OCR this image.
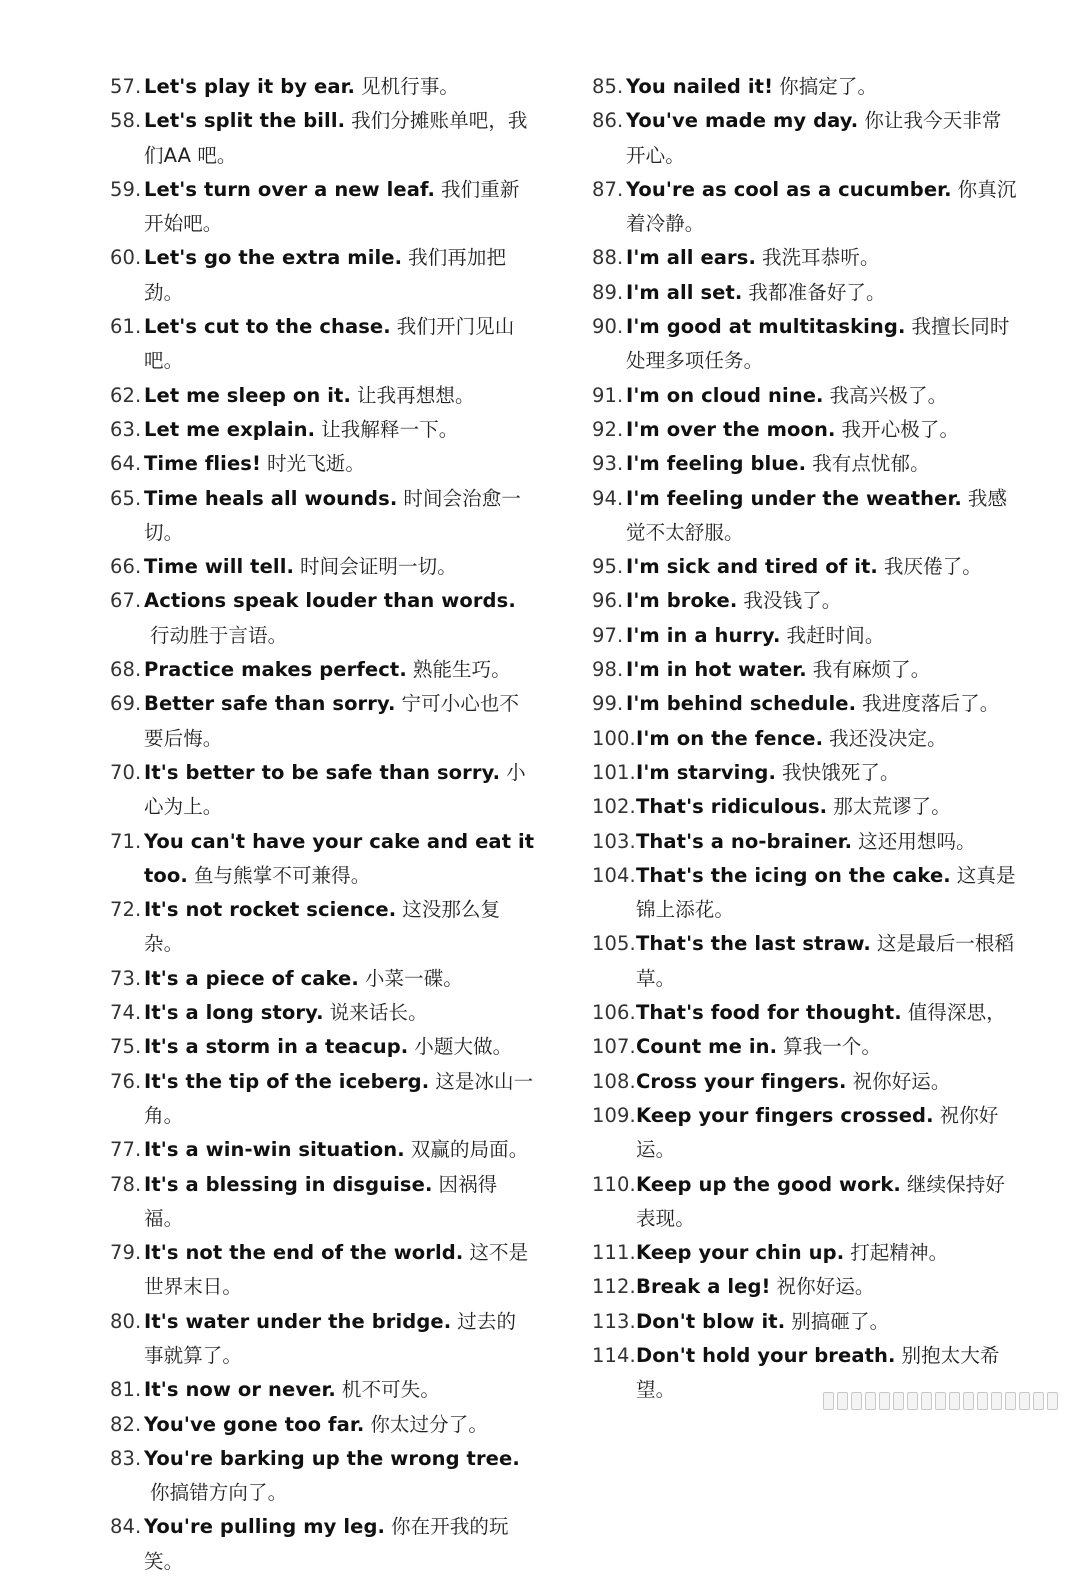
57. Let's play it by ear. 见机行事。
58. Let's split the bill. 我们分摊账单吧，我们AA 吧。
59. Let's turn over a new leaf. 我们重新开始吧。
60. Let's go the extra mile. 我们再加把劲。
61. Let's cut to the chase. 我们开门见山吧。
62. Let me sleep on it. 让我再想想。
63. Let me explain. 让我解释一下。
64. Time flies! 时光飞逝。
65. Time heals all wounds. 时间会治愈一切。
66. Time will tell. 时间会证明一切。
67. Actions speak louder than words.行动胜于言语。
68. Practice makes perfect. 熟能生巧。
69. Better safe than sorry. 宁可小心也不要后悔。
70. It's better to be safe than sorry. 小心为上。
71. You can't have your cake and eat it too. 鱼与熊掌不可兼得。
72. It's not rocket science. 这没那么复杂。
73. It's a piece of cake. 小菜一碟。
74. It's a long story. 说来话长。
75. It's a storm in a teacup. 小题大做。
76. It's the tip of the iceberg. 这是冰山一角。
77. It's a win-win situation. 双赢的局面。
78. It's a blessing in disguise. 因祸得福。
79. It's not the end of the world. 这不是世界末日。
80. It's water under the bridge. 过去的事就算了。
81. It's now or never. 机不可失。
82. You've gone too far. 你太过分了。
83. You're barking up the wrong tree.你搞错方向了。
84. You're pulling my leg. 你在开我的玩笑。
85. You nailed it! 你搞定了。
86. You've made my day. 你让我今天非常开心。
87. You're as cool as a cucumber. 你真沉着冷静。
88. I'm all ears. 我洗耳恭听。
89. I'm all set. 我都准备好了。
90. I'm good at multitasking. 我擅长同时处理多项任务。
91. I'm on cloud nine. 我高兴极了。
92. I'm over the moon. 我开心极了。
93. I'm feeling blue. 我有点忧郁。
94. I'm feeling under the weather. 我感觉不太舒服。
95. I'm sick and tired of it. 我厌倦了。
96. I'm broke. 我没钱了。
97. I'm in a hurry. 我赶时间。
98. I'm in hot water. 我有麻烦了。
99. I'm behind schedule. 我进度落后了。
100. I'm on the fence. 我还没决定。
101. I'm starving. 我快饿死了。
102. That's ridiculous. 那太荒谬了。
103. That's a no-brainer. 这还用想吗。
104. That's the icing on the cake. 这真是锦上添花。
105. That's the last straw. 这是最后一根稻草。
106. That's food for thought. 值得深思，
107. Count me in. 算我一个。
108. Cross your fingers. 祝你好运。
109. Keep your fingers crossed. 祝你好运。
110. Keep up the good work. 继续保持好表现。
111. Keep your chin up. 打起精神。
112. Break a leg! 祝你好运。
113. Don't blow it. 别搞砸了。
114. Don't hold your breath. 别抱太大希望。
